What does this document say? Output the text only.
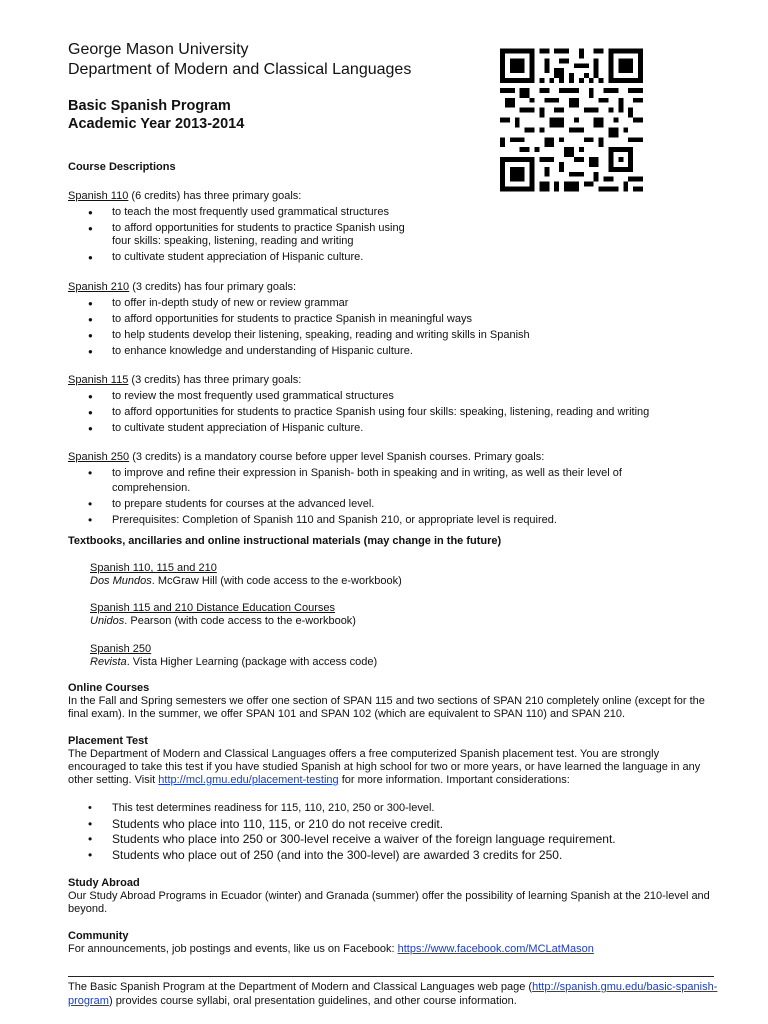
George Mason University
Department of Modern and Classical Languages
Basic Spanish Program
Academic Year 2013-2014
Course Descriptions
Spanish 110 (6 credits) has three primary goals:
● to teach the most frequently used grammatical structures
● to afford opportunities for students to practice Spanish using
four skills: speaking, listening, reading and writing
● to cultivate student appreciation of Hispanic culture.
Spanish 210 (3 credits) has four primary goals:
● to offer in-depth study of new or review grammar
● to afford opportunities for students to practice Spanish in meaningful ways
● to help students develop their listening, speaking, reading and writing skills in Spanish
● to enhance knowledge and understanding of Hispanic culture.
Spanish 115 (3 credits) has three primary goals:
● to review the most frequently used grammatical structures
● to afford opportunities for students to practice Spanish using four skills: speaking, listening, reading and writing
● to cultivate student appreciation of Hispanic culture.
Spanish 250 (3 credits) is a mandatory course before upper level Spanish courses. Primary goals:
• to improve and refine their expression in Spanish- both in speaking and in writing, as well as their level of
comprehension.
• to prepare students for courses at the advanced level.
• Prerequisites: Completion of Spanish 110 and Spanish 210, or appropriate level is required.
Textbooks, ancillaries and online instructional materials (may change in the future)
Spanish 110, 115 and 210
Dos Mundos. McGraw Hill (with code access to the e-workbook)
Spanish 115 and 210 Distance Education Courses
Unidos. Pearson (with code access to the e-workbook)
Spanish 250
Revista. Vista Higher Learning (package with access code)
Online Courses
In the Fall and Spring semesters we offer one section of SPAN 115 and two sections of SPAN 210 completely online (except for the final exam). In the summer, we offer SPAN 101 and SPAN 102 (which are equivalent to SPAN 110) and SPAN 210.
Placement Test
The Department of Modern and Classical Languages offers a free computerized Spanish placement test. You are strongly encouraged to take this test if you have studied Spanish at high school for two or more years, or have learned the language in any other setting. Visit http://mcl.gmu.edu/placement-testing for more information. Important considerations:
• This test determines readiness for 115, 110, 210, 250 or 300-level.
• Students who place into 110, 115, or 210 do not receive credit.
• Students who place into 250 or 300-level receive a waiver of the foreign language requirement.
• Students who place out of 250 (and into the 300-level) are awarded 3 credits for 250.
Study Abroad
Our Study Abroad Programs in Ecuador (winter) and Granada (summer) offer the possibility of learning Spanish at the 210-level and beyond.
Community
For announcements, job postings and events, like us on Facebook: https://www.facebook.com/MCLatMason
The Basic Spanish Program at the Department of Modern and Classical Languages web page (http://spanish.gmu.edu/basic-spanish-program) provides course syllabi, oral presentation guidelines, and other course information.
